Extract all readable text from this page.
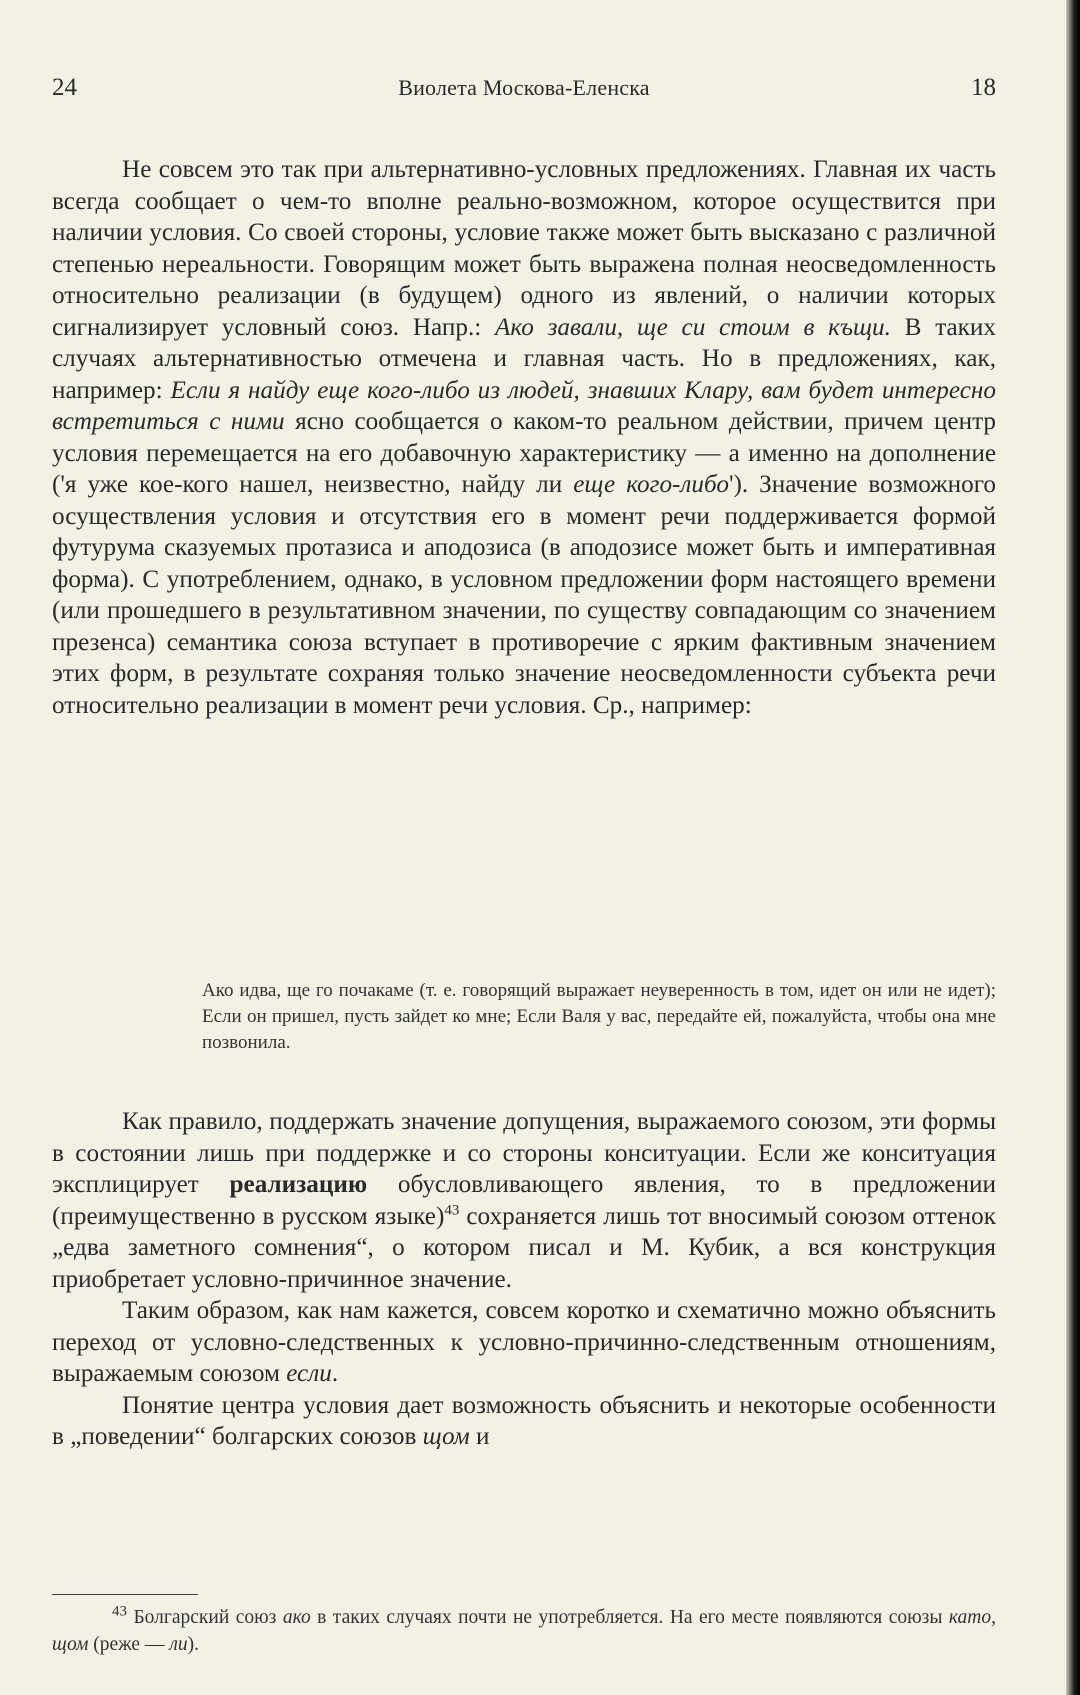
24	Виолета Москова-Еленска	18

Не совсем это так при альтернативно-условных предложениях. Главная их часть всегда сообщает о чем-то вполне реально-возможном, которое осуществится при наличии условия. Со своей стороны, условие также может быть высказано с различной степенью нереальности. Говорящим может быть выражена полная неосведомленность относительно реализации (в будущем) одного из явлений, о наличии которых сигнализирует условный союз. Напр.: Ако завали, ще си стоим в къщи. В таких случаях альтернативностью отмечена и главная часть. Но в предложениях, как, например: Если я найду еще кого-либо из людей, знавших Клару, вам будет интересно встретиться с ними ясно сообщается о каком-то реальном действии, причем центр условия перемещается на его добавочную характеристику — а именно на дополнение ('я уже кое-кого нашел, неизвестно, найду ли еще кого-либо'). Значение возможного осуществления условия и отсутствия его в момент речи поддерживается формой футурума сказуемых протазиса и аподозиса (в аподозисе может быть и императивная форма). С употреблением, однако, в условном предложении форм настоящего времени (или прошедшего в результативном значении, по существу совпадающим со значением презенса) семантика союза вступает в противоречие с ярким фактивным значением этих форм, в результате сохраняя только значение неосведомленности субъекта речи относительно реализации в момент речи условия. Ср., например:

Ако идва, ще го почакаме (т. е. говорящий выражает неуверенность в том, идет он или не идет); Если он пришел, пусть зайдет ко мне; Если Валя у вас, передайте ей, пожалуйста, чтобы она мне позвонила.

Как правило, поддержать значение допущения, выражаемого союзом, эти формы в состоянии лишь при поддержке и со стороны конситуации. Если же конситуация эксплицирует реализацию обусловливающего явления, то в предложении (преимущественно в русском языке)$^{43}$ сохраняется лишь тот вносимый союзом оттенок „едва заметного сомнения“, о котором писал и М. Кубик, а вся конструкция приобретает условно-причинное значение.

Таким образом, как нам кажется, совсем коротко и схематично можно объяснить переход от условно-следственных к условно-причинно-следственным отношениям, выражаемым союзом если.

Понятие центра условия дает возможность объяснить и некоторые особенности в „поведении“ болгарских союзов щом и

$^{43}$ Болгарский союз ако в таких случаях почти не употребляется. На его месте появляются союзы като, щом (реже — ли).
